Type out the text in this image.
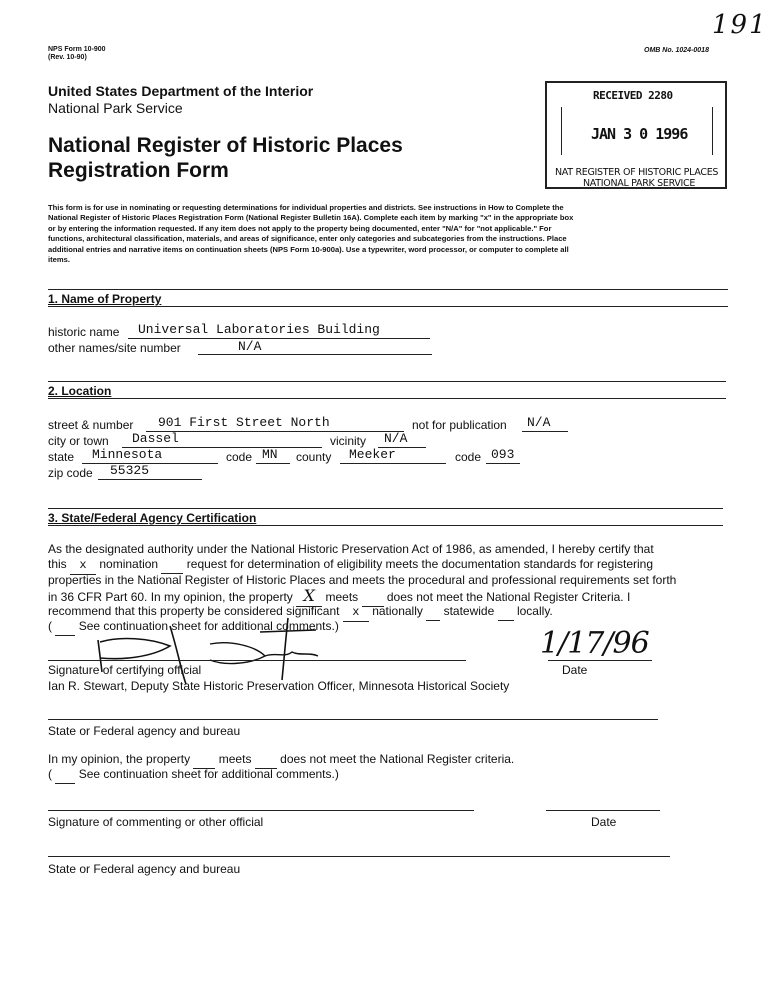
191
NPS Form 10-900
(Rev. 10-90)
OMB No. 1024-0018
United States Department of the Interior
National Park Service
National Register of Historic Places
Registration Form
RECEIVED 2280
JAN 3 0 1996
NAT REGISTER OF HISTORIC PLACES
NATIONAL PARK SERVICE
This form is for use in nominating or requesting determinations for individual properties and districts. See instructions in How to Complete the
National Register of Historic Places Registration Form (National Register Bulletin 16A). Complete each item by marking "x" in the appropriate box
or by entering the information requested. If any item does not apply to the property being documented, enter "N/A" for "not applicable." For
functions, architectural classification, materials, and areas of significance, enter only categories and subcategories from the instructions. Place
additional entries and narrative items on continuation sheets (NPS Form 10-900a). Use a typewriter, word processor, or computer to complete all
items.
1. Name of Property
historic name Universal Laboratories Building
other names/site number	N/A
2. Location
street & number 901 First Street North	not for publication N/A
city or town Dassel	vicinity N/A
state Minnesota	code MN county Meeker	code 093
zip code 55325
3. State/Federal Agency Certification
As the designated authority under the National Historic Preservation Act of 1986, as amended, I hereby certify that
this x nomination request for determination of eligibility meets the documentation standards for registering
properties in the National Register of Historic Places and meets the procedural and professional requirements set forth
in 36 CFR Part 60. In my opinion, the property X meets does not meet the National Register Criteria. I
recommend that this property be considered significant x nationally statewide locally.
( See continuation sheet for additional comments.)
Signature of certifying official
1/17/96
Date
Ian R. Stewart, Deputy State Historic Preservation Officer, Minnesota Historical Society
State or Federal agency and bureau
In my opinion, the property meets does not meet the National Register criteria.
( See continuation sheet for additional comments.)
Signature of commenting or other official	Date
State or Federal agency and bureau
